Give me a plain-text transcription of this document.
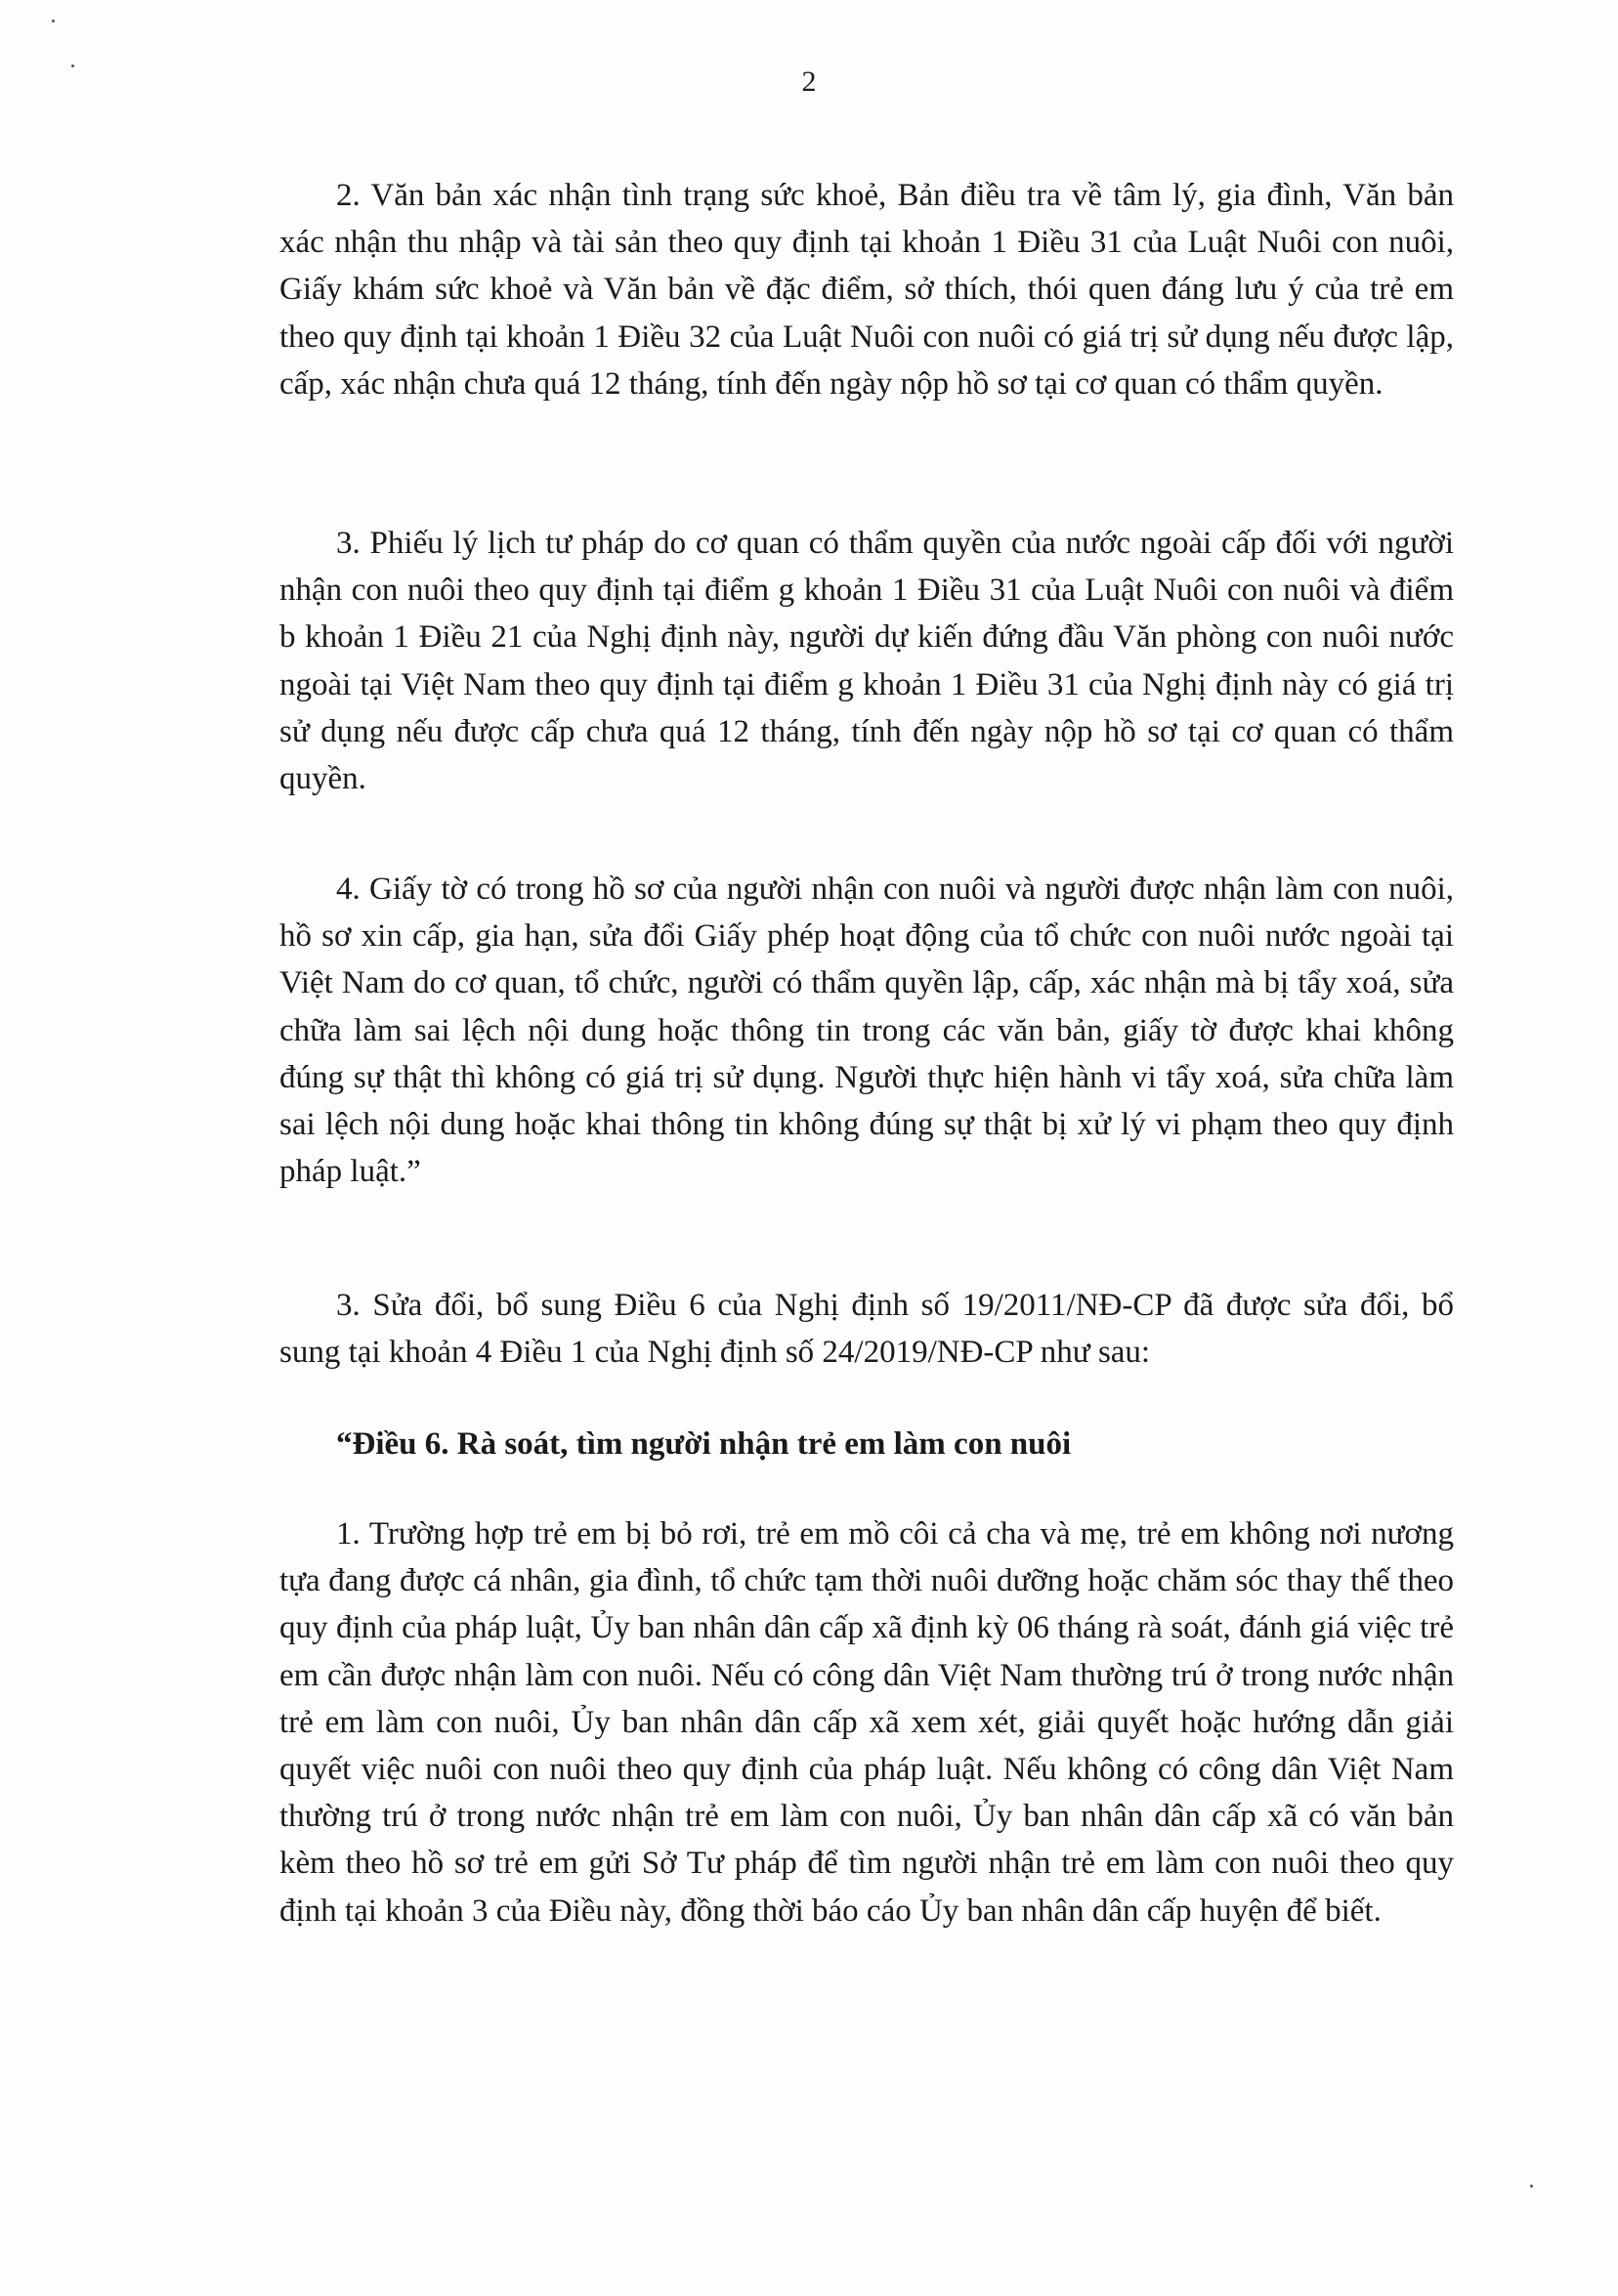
2

2. Văn bản xác nhận tình trạng sức khoẻ, Bản điều tra về tâm lý, gia đình, Văn bản xác nhận thu nhập và tài sản theo quy định tại khoản 1 Điều 31 của Luật Nuôi con nuôi, Giấy khám sức khoẻ và Văn bản về đặc điểm, sở thích, thói quen đáng lưu ý của trẻ em theo quy định tại khoản 1 Điều 32 của Luật Nuôi con nuôi có giá trị sử dụng nếu được lập, cấp, xác nhận chưa quá 12 tháng, tính đến ngày nộp hồ sơ tại cơ quan có thẩm quyền.

3. Phiếu lý lịch tư pháp do cơ quan có thẩm quyền của nước ngoài cấp đối với người nhận con nuôi theo quy định tại điểm g khoản 1 Điều 31 của Luật Nuôi con nuôi và điểm b khoản 1 Điều 21 của Nghị định này, người dự kiến đứng đầu Văn phòng con nuôi nước ngoài tại Việt Nam theo quy định tại điểm g khoản 1 Điều 31 của Nghị định này có giá trị sử dụng nếu được cấp chưa quá 12 tháng, tính đến ngày nộp hồ sơ tại cơ quan có thẩm quyền.

4. Giấy tờ có trong hồ sơ của người nhận con nuôi và người được nhận làm con nuôi, hồ sơ xin cấp, gia hạn, sửa đổi Giấy phép hoạt động của tổ chức con nuôi nước ngoài tại Việt Nam do cơ quan, tổ chức, người có thẩm quyền lập, cấp, xác nhận mà bị tẩy xoá, sửa chữa làm sai lệch nội dung hoặc thông tin trong các văn bản, giấy tờ được khai không đúng sự thật thì không có giá trị sử dụng. Người thực hiện hành vi tẩy xoá, sửa chữa làm sai lệch nội dung hoặc khai thông tin không đúng sự thật bị xử lý vi phạm theo quy định pháp luật.”

3. Sửa đổi, bổ sung Điều 6 của Nghị định số 19/2011/NĐ-CP đã được sửa đổi, bổ sung tại khoản 4 Điều 1 của Nghị định số 24/2019/NĐ-CP như sau:

“Điều 6. Rà soát, tìm người nhận trẻ em làm con nuôi

1. Trường hợp trẻ em bị bỏ rơi, trẻ em mồ côi cả cha và mẹ, trẻ em không nơi nương tựa đang được cá nhân, gia đình, tổ chức tạm thời nuôi dưỡng hoặc chăm sóc thay thế theo quy định của pháp luật, Ủy ban nhân dân cấp xã định kỳ 06 tháng rà soát, đánh giá việc trẻ em cần được nhận làm con nuôi. Nếu có công dân Việt Nam thường trú ở trong nước nhận trẻ em làm con nuôi, Ủy ban nhân dân cấp xã xem xét, giải quyết hoặc hướng dẫn giải quyết việc nuôi con nuôi theo quy định của pháp luật. Nếu không có công dân Việt Nam thường trú ở trong nước nhận trẻ em làm con nuôi, Ủy ban nhân dân cấp xã có văn bản kèm theo hồ sơ trẻ em gửi Sở Tư pháp để tìm người nhận trẻ em làm con nuôi theo quy định tại khoản 3 của Điều này, đồng thời báo cáo Ủy ban nhân dân cấp huyện để biết.
